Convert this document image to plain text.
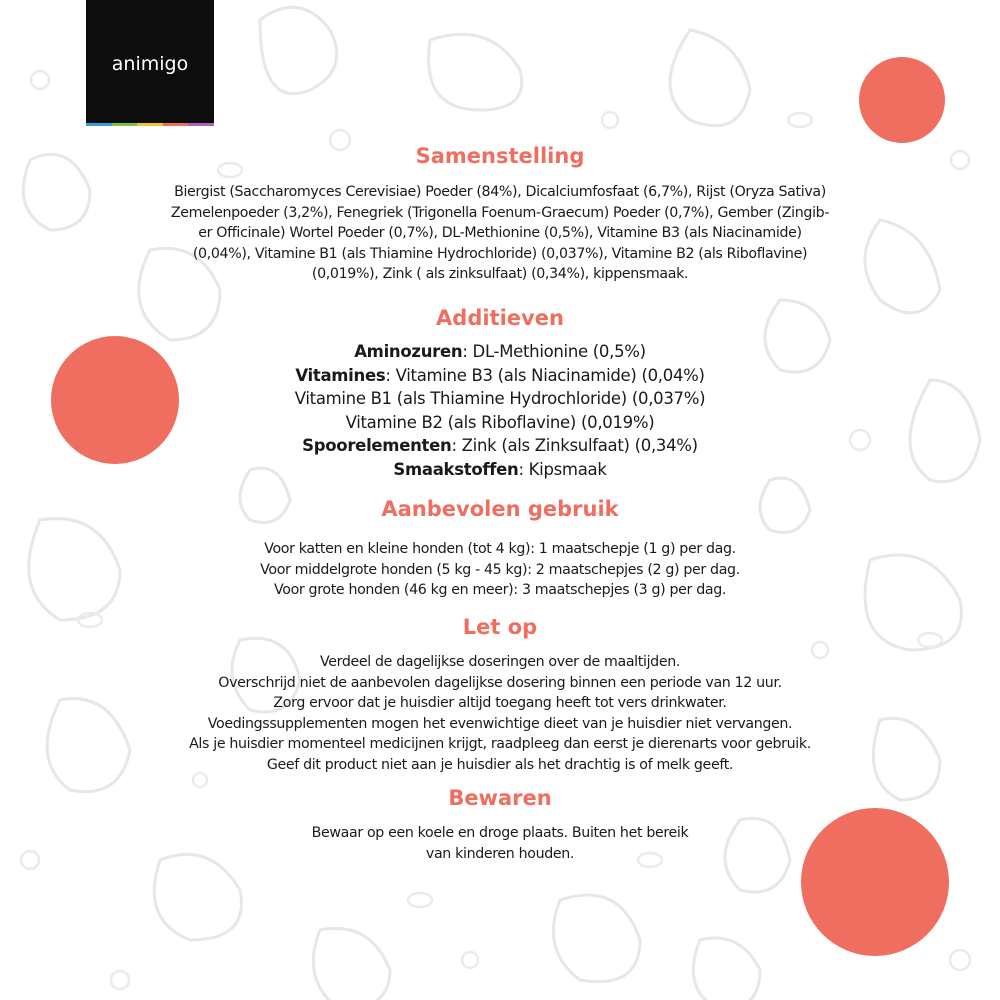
animigo
Samenstelling
Biergist (Saccharomyces Cerevisiae) Poeder (84%), Dicalciumfosfaat (6,7%), Rijst (Oryza Sativa)
Zemelenpoeder (3,2%), Fenegriek (Trigonella Foenum-Graecum) Poeder (0,7%), Gember (Zingib-
er Officinale) Wortel Poeder (0,7%), DL-Methionine (0,5%), Vitamine B3 (als Niacinamide)
(0,04%), Vitamine B1 (als Thiamine Hydrochloride) (0,037%), Vitamine B2 (als Riboflavine)
(0,019%), Zink ( als zinksulfaat) (0,34%), kippensmaak.
Additieven
Aminozuren: DL-Methionine (0,5%)
Vitamines: Vitamine B3 (als Niacinamide) (0,04%)
Vitamine B1 (als Thiamine Hydrochloride) (0,037%)
Vitamine B2 (als Riboflavine) (0,019%)
Spoorelementen: Zink (als Zinksulfaat) (0,34%)
Smaakstoffen: Kipsmaak
Aanbevolen gebruik
Voor katten en kleine honden (tot 4 kg): 1 maatschepje (1 g) per dag.
Voor middelgrote honden (5 kg - 45 kg): 2 maatschepjes (2 g) per dag.
Voor grote honden (46 kg en meer): 3 maatschepjes (3 g) per dag.
Let op
Verdeel de dagelijkse doseringen over de maaltijden.
Overschrijd niet de aanbevolen dagelijkse dosering binnen een periode van 12 uur.
Zorg ervoor dat je huisdier altijd toegang heeft tot vers drinkwater.
Voedingssupplementen mogen het evenwichtige dieet van je huisdier niet vervangen.
Als je huisdier momenteel medicijnen krijgt, raadpleeg dan eerst je dierenarts voor gebruik.
Geef dit product niet aan je huisdier als het drachtig is of melk geeft.
Bewaren
Bewaar op een koele en droge plaats. Buiten het bereik
van kinderen houden.
